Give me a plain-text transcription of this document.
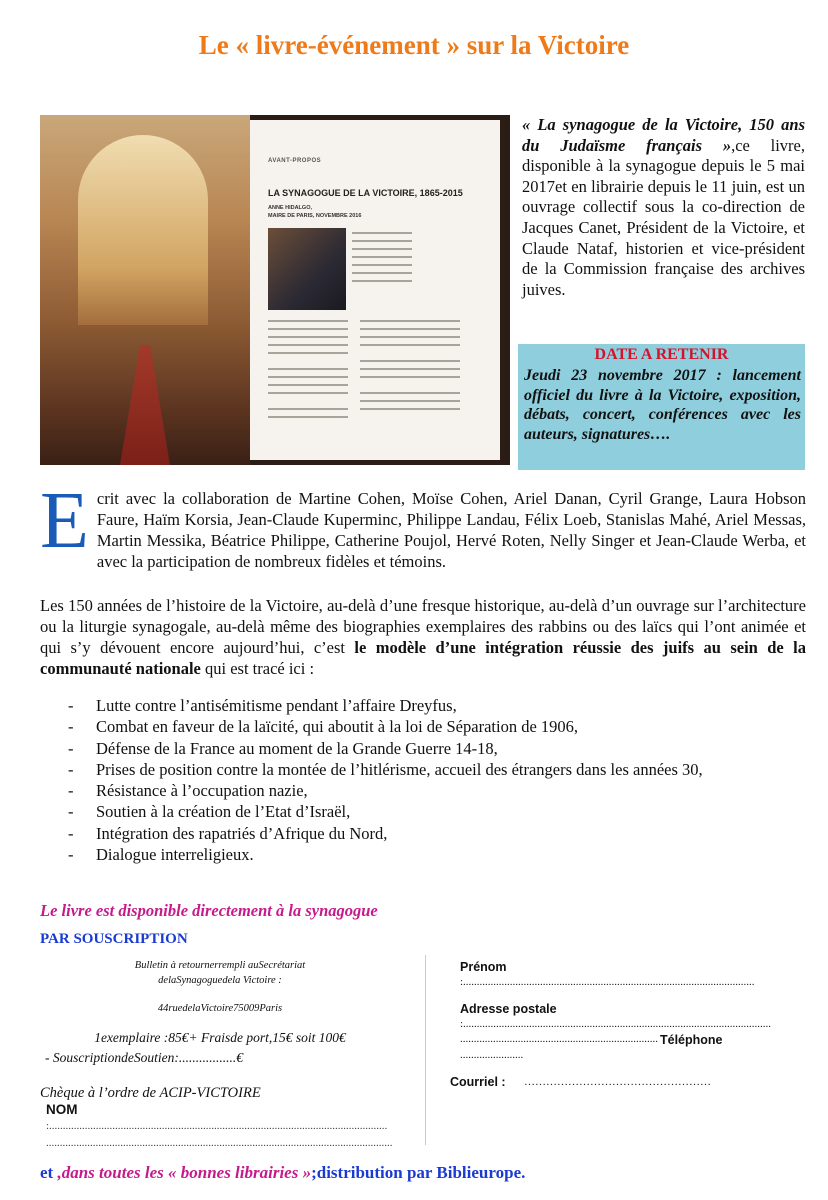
Le « livre-événement » sur la Victoire
AVANT-PROPOS
LA SYNAGOGUE DE LA VICTOIRE, 1865-2015
ANNE HIDALGO,
MAIRE DE PARIS, NOVEMBRE 2016
« La synagogue de la Victoire, 150 ans du Judaïsme français »,ce livre, disponible à la synagogue depuis le 5 mai 2017et en librairie depuis le 11 juin, est un ouvrage collectif sous la co-direction de Jacques Canet, Président de la Victoire, et Claude Nataf, historien et vice-président de la Commission française des archives juives.
DATE A RETENIR
Jeudi 23 novembre 2017 : lancement officiel du livre à la Victoire, exposition, débats, concert, conférences avec les auteurs, signatures….
Ecrit avec la collaboration de Martine Cohen, Moïse Cohen, Ariel Danan, Cyril Grange, Laura Hobson Faure, Haïm Korsia, Jean-Claude Kuperminc, Philippe Landau, Félix Loeb, Stanislas Mahé, Ariel Messas, Martin Messika, Béatrice Philippe, Catherine Poujol, Hervé Roten, Nelly Singer et Jean-Claude Werba, et avec la participation de nombreux fidèles et témoins.
Les 150 années de l’histoire de la Victoire, au-delà d’une fresque historique, au-delà d’un ouvrage sur l’architecture ou la liturgie synagogale, au-delà même des biographies exemplaires des rabbins ou des laïcs qui l’ont animée et qui s’y dévouent encore aujourd’hui, c’est le modèle d’une intégration réussie des juifs au sein de la communauté nationale qui est tracé ici :
- Lutte contre l’antisémitisme pendant l’affaire Dreyfus,
- Combat en faveur de la laïcité, qui aboutit à la loi de Séparation de 1906,
- Défense de la France au moment de la Grande Guerre 14-18,
- Prises de position contre la montée de l’hitlérisme, accueil des étrangers dans les années 30,
- Résistance à l’occupation nazie,
- Soutien à la création de l’Etat d’Israël,
- Intégration des rapatriés d’Afrique du Nord,
- Dialogue interreligieux.
Le livre est disponible directement à la synagogue
PAR SOUSCRIPTION
Bulletin à retournerrempli auSecrétariat
delaSynagoguedela Victoire :
44ruedelaVictoire75009Paris
1exemplaire :85€+ Fraisde port,15€ soit 100€
- SouscriptiondeSoutien:.................€
Chèque à l’ordre de ACIP-VICTOIRE
NOM
:...........................................................................................................................
..............................................................................................................................
Prénom
:..........................................................................................................
Adresse postale
:................................................................................................................
........................................................................ Téléphone
.......................
Courriel : ……………………………………………
et ,dans toutes les « bonnes librairies »;distribution par Biblieurope.
